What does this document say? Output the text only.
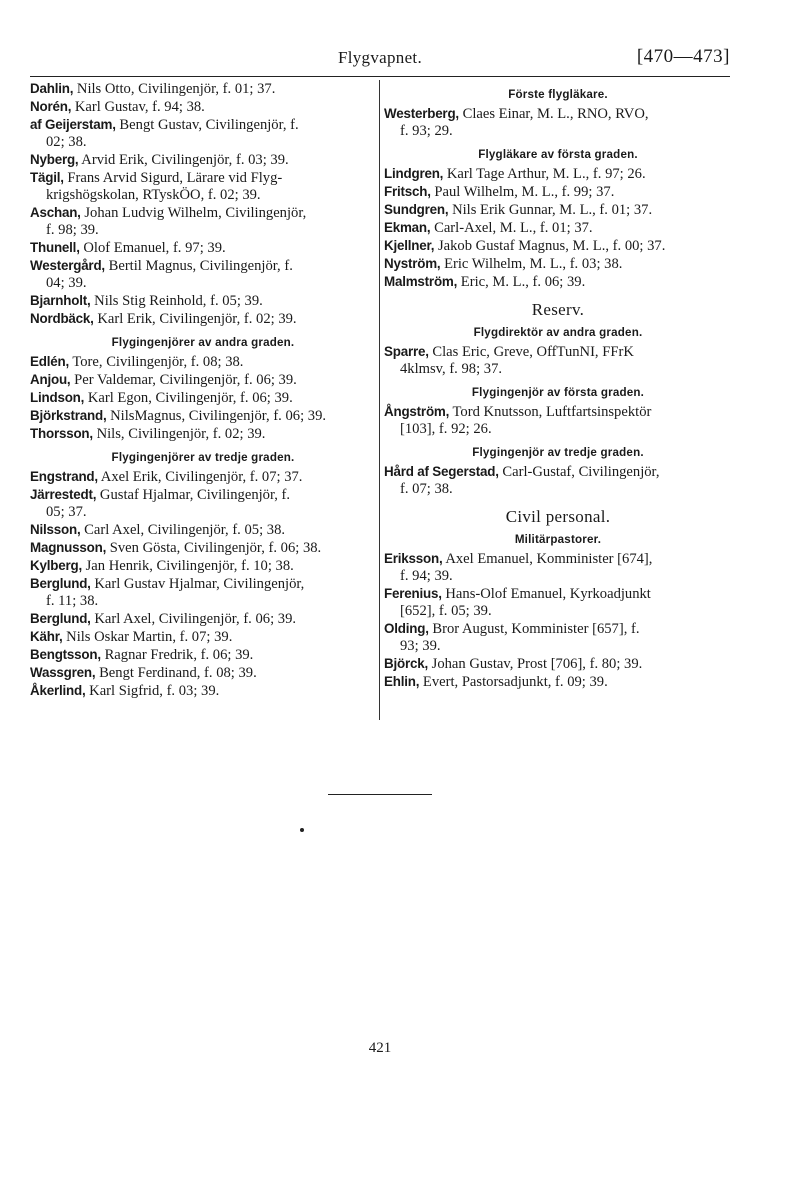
Flygvapnet.	[470—473]
Dahlin, Nils Otto, Civilingenjör, f. 01; 37.
Norén, Karl Gustav, f. 94; 38.
af Geijerstam, Bengt Gustav, Civilingenjör, f.
02; 38.
Nyberg, Arvid Erik, Civilingenjör, f. 03; 39.
Tägil, Frans Arvid Sigurd, Lärare vid Flyg-
krigshögskolan, RTyskÖO, f. 02; 39.
Aschan, Johan Ludvig Wilhelm, Civilingenjör,
f. 98; 39.
Thunell, Olof Emanuel, f. 97; 39.
Westergård, Bertil Magnus, Civilingenjör, f.
04; 39.
Bjarnholt, Nils Stig Reinhold, f. 05; 39.
Nordbäck, Karl Erik, Civilingenjör, f. 02; 39.
Flygingenjörer av andra graden.
Edlén, Tore, Civilingenjör, f. 08; 38.
Anjou, Per Valdemar, Civilingenjör, f. 06; 39.
Lindson, Karl Egon, Civilingenjör, f. 06; 39.
Björkstrand, NilsMagnus, Civilingenjör, f. 06; 39.
Thorsson, Nils, Civilingenjör, f. 02; 39.
Flygingenjörer av tredje graden.
Engstrand, Axel Erik, Civilingenjör, f. 07; 37.
Järrestedt, Gustaf Hjalmar, Civilingenjör, f.
05; 37.
Nilsson, Carl Axel, Civilingenjör, f. 05; 38.
Magnusson, Sven Gösta, Civilingenjör, f. 06; 38.
Kylberg, Jan Henrik, Civilingenjör, f. 10; 38.
Berglund, Karl Gustav Hjalmar, Civilingenjör,
f. 11; 38.
Berglund, Karl Axel, Civilingenjör, f. 06; 39.
Kähr, Nils Oskar Martin, f. 07; 39.
Bengtsson, Ragnar Fredrik, f. 06; 39.
Wassgren, Bengt Ferdinand, f. 08; 39.
Åkerlind, Karl Sigfrid, f. 03; 39.
Förste flygläkare.
Westerberg, Claes Einar, M. L., RNO, RVO,
f. 93; 29.
Flygläkare av första graden.
Lindgren, Karl Tage Arthur, M. L., f. 97; 26.
Fritsch, Paul Wilhelm, M. L., f. 99; 37.
Sundgren, Nils Erik Gunnar, M. L., f. 01; 37.
Ekman, Carl-Axel, M. L., f. 01; 37.
Kjellner, Jakob Gustaf Magnus, M. L., f. 00; 37.
Nyström, Eric Wilhelm, M. L., f. 03; 38.
Malmström, Eric, M. L., f. 06; 39.
Reserv.
Flygdirektör av andra graden.
Sparre, Clas Eric, Greve, OffTunNI, FFrK
4klmsv, f. 98; 37.
Flygingenjör av första graden.
Ångström, Tord Knutsson, Luftfartsinspektör
[103], f. 92; 26.
Flygingenjör av tredje graden.
Hård af Segerstad, Carl-Gustaf, Civilingenjör,
f. 07; 38.
Civil personal.
Militärpastorer.
Eriksson, Axel Emanuel, Komminister [674],
f. 94; 39.
Ferenius, Hans-Olof Emanuel, Kyrkoadjunkt
[652], f. 05; 39.
Olding, Bror August, Komminister [657], f.
93; 39.
Björck, Johan Gustav, Prost [706], f. 80; 39.
Ehlin, Evert, Pastorsadjunkt, f. 09; 39.
421
